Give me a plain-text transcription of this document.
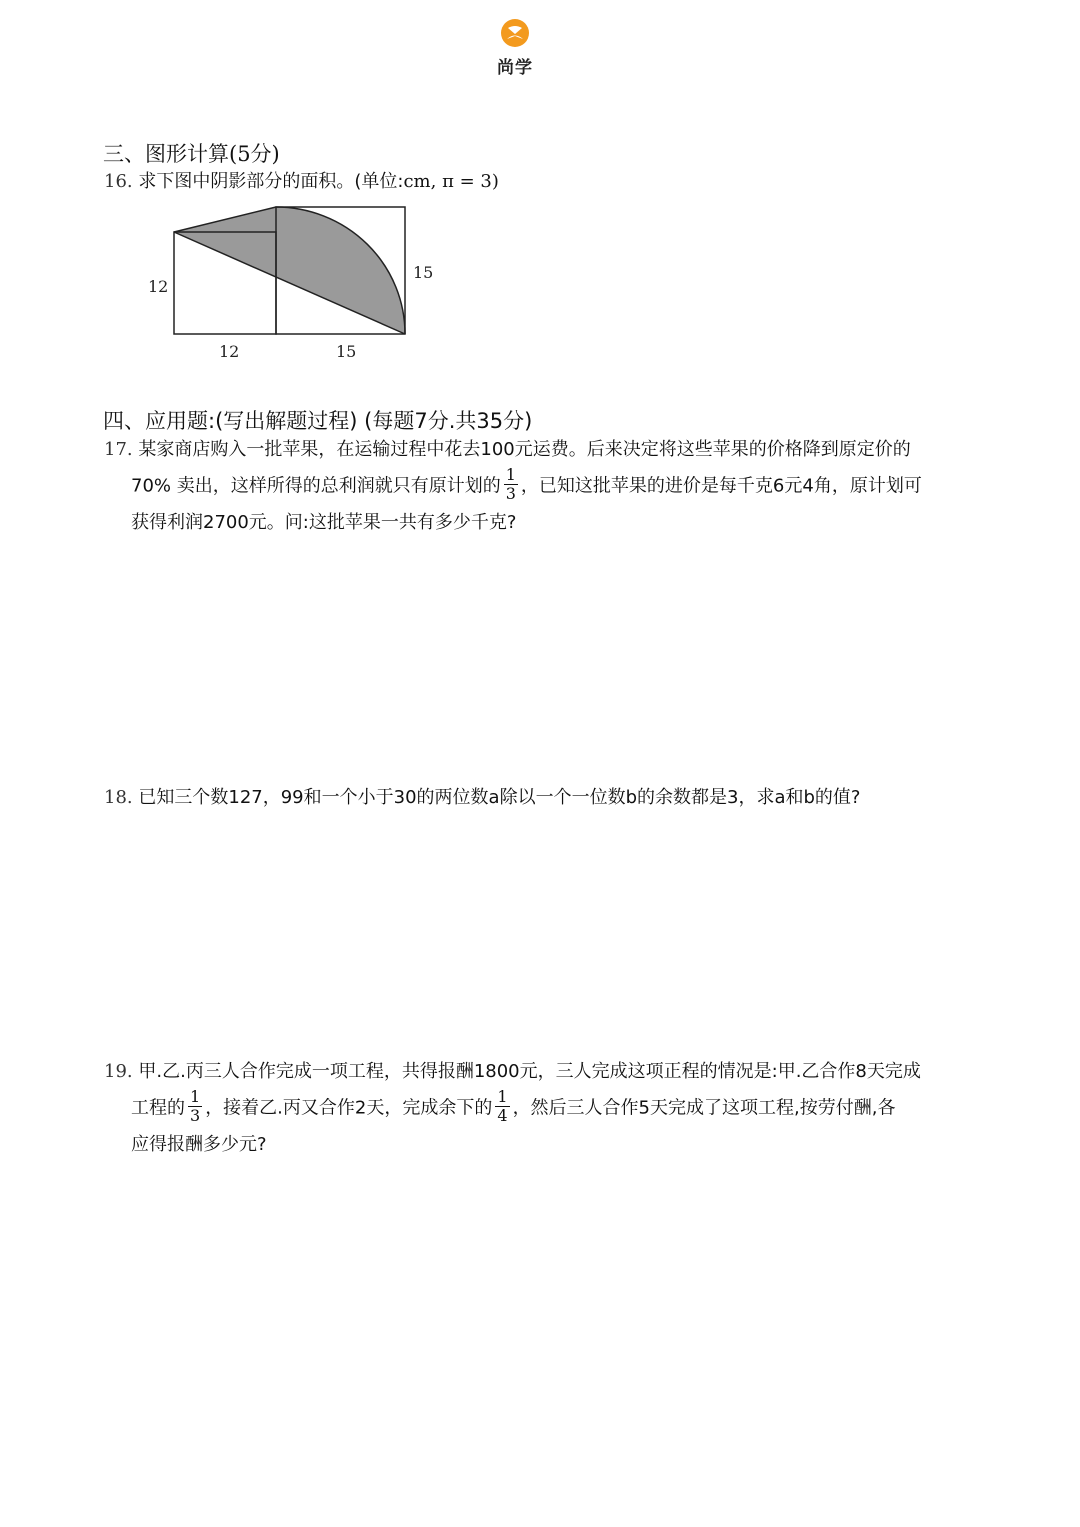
尚学
三、图形计算(5分)
16. 求下图中阴影部分的面积。(单位:cm, π = 3)
12
15
12	15
四、应用题:(写出解题过程) (每题7分.共35分)
17. 某家商店购入一批苹果，在运输过程中花去100元运费。后来决定将这些苹果的价格降到原定价的
70% 卖出，这样所得的总利润就只有原计划的 $\frac{1}{3}$ ，已知这批苹果的进价是每千克6元4角，原计划可
获得利润2700元。问:这批苹果一共有多少千克?
18. 已知三个数127，99和一个小于30的两位数a除以一个一位数b的余数都是3，求a和b的值?
19. 甲.乙.丙三人合作完成一项工程，共得报酬1800元，三人完成这项正程的情况是:甲.乙合作8天完成
工程的 $\frac{1}{3}$ ，接着乙.丙又合作2天，完成余下的 $\frac{1}{4}$ ，然后三人合作5天完成了这项工程,按劳付酬,各
应得报酬多少元?
